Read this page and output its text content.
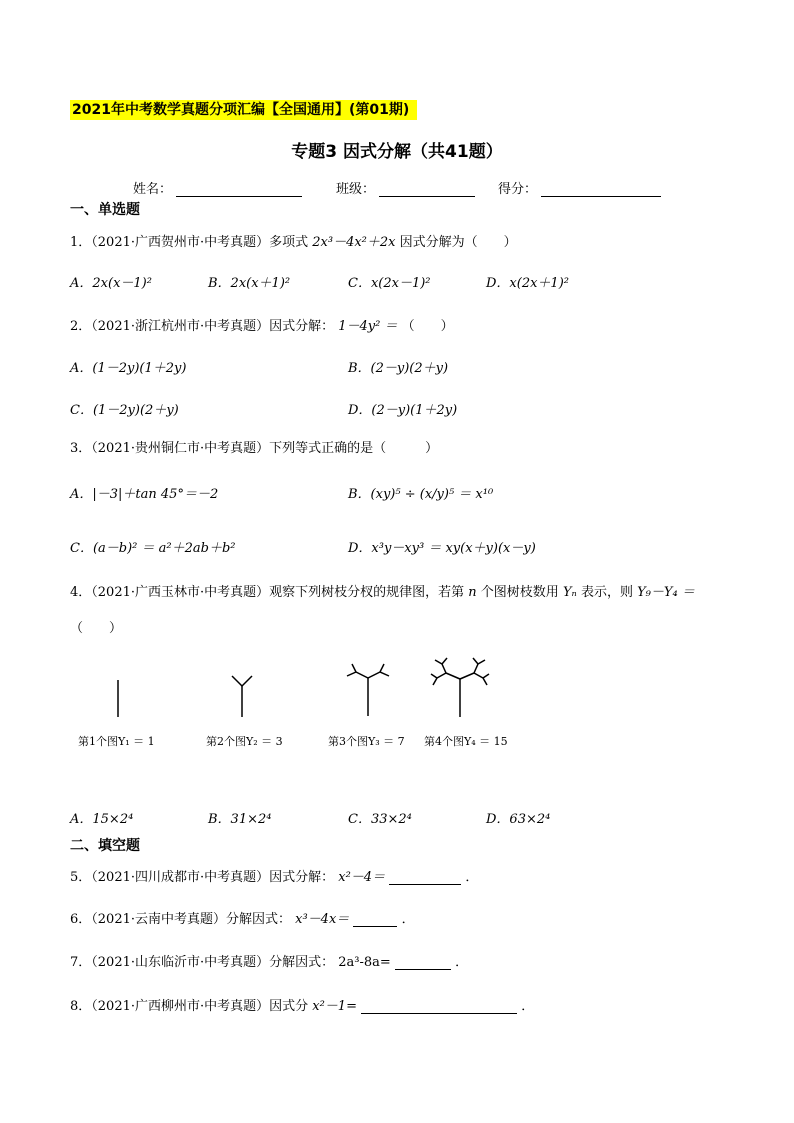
2021年中考数学真题分项汇编【全国通用】(第01期)
专题3 因式分解（共41题）
姓名：	班级：	得分：
一、单选题
1．（2021·广西贺州市·中考真题）多项式 2x³－4x²＋2x 因式分解为（　　）
A．2x(x－1)²	B．2x(x＋1)²	C．x(2x－1)²	D．x(2x＋1)²
2．（2021·浙江杭州市·中考真题）因式分解： 1－4y² ＝ （　　）
A．(1－2y)(1＋2y)	B．(2－y)(2＋y)
C．(1－2y)(2＋y)	D．(2－y)(1＋2y)
3．（2021·贵州铜仁市·中考真题）下列等式正确的是（　　　）
A．|－3|＋tan 45°＝－2	B．(xy)⁵ ÷ (x/y)⁵ ＝ x¹⁰
C．(a－b)² ＝ a²＋2ab＋b²	D．x³y－xy³ ＝ xy(x＋y)(x－y)
4．（2021·广西玉林市·中考真题）观察下列树枝分杈的规律图，若第 n 个图树枝数用 Yₙ 表示，则 Y₉－Y₄ ＝
（　　）
第1个图Y₁ ＝ 1	第2个图Y₂ ＝ 3	第3个图Y₃ ＝ 7 第4个图Y₄ ＝ 15
A．15×2⁴	B．31×2⁴	C．33×2⁴	D．63×2⁴
二、填空题
5．（2021·四川成都市·中考真题）因式分解： x²－4＝	．
6．（2021·云南中考真题）分解因式： x³－4x＝	．
7．（2021·山东临沂市·中考真题）分解因式： 2a³-8a=	．
8．（2021·广西柳州市·中考真题）因式分 x²－1=	．
